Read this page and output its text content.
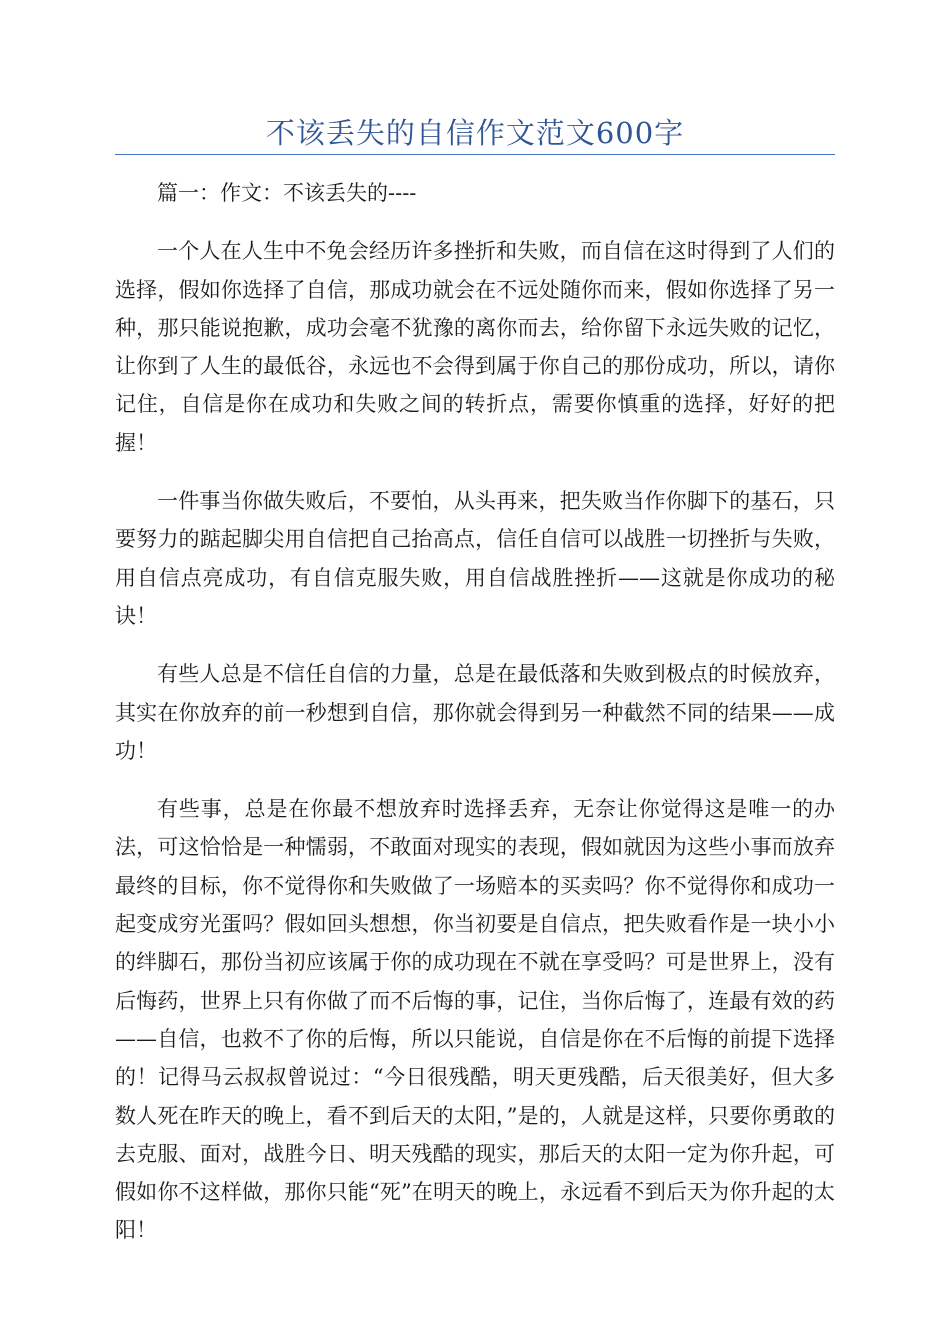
不该丢失的自信作文范文600字

篇一：作文：不该丢失的----

一个人在人生中不免会经历许多挫折和失败，而自信在这时得到了人们的选择，假如你选择了自信，那成功就会在不远处随你而来，假如你选择了另一种，那只能说抱歉，成功会毫不犹豫的离你而去，给你留下永远失败的记忆，让你到了人生的最低谷，永远也不会得到属于你自己的那份成功，所以，请你记住，自信是你在成功和失败之间的转折点，需要你慎重的选择，好好的把握！

一件事当你做失败后，不要怕，从头再来，把失败当作你脚下的基石，只要努力的踮起脚尖用自信把自己抬高点，信任自信可以战胜一切挫折与失败，用自信点亮成功，有自信克服失败，用自信战胜挫折——这就是你成功的秘诀！

有些人总是不信任自信的力量，总是在最低落和失败到极点的时候放弃，其实在你放弃的前一秒想到自信，那你就会得到另一种截然不同的结果——成功！

有些事，总是在你最不想放弃时选择丢弃，无奈让你觉得这是唯一的办法，可这恰恰是一种懦弱，不敢面对现实的表现，假如就因为这些小事而放弃最终的目标，你不觉得你和失败做了一场赔本的买卖吗？你不觉得你和成功一起变成穷光蛋吗？假如回头想想，你当初要是自信点，把失败看作是一块小小的绊脚石，那份当初应该属于你的成功现在不就在享受吗？可是世界上，没有后悔药，世界上只有你做了而不后悔的事，记住，当你后悔了，连最有效的药——自信，也救不了你的后悔，所以只能说，自信是你在不后悔的前提下选择的！记得马云叔叔曾说过：“今日很残酷，明天更残酷，后天很美好，但大多数人死在昨天的晚上，看不到后天的太阳，”是的，人就是这样，只要你勇敢的去克服、面对，战胜今日、明天残酷的现实，那后天的太阳一定为你升起，可假如你不这样做，那你只能“死”在明天的晚上，永远看不到后天为你升起的太阳！
